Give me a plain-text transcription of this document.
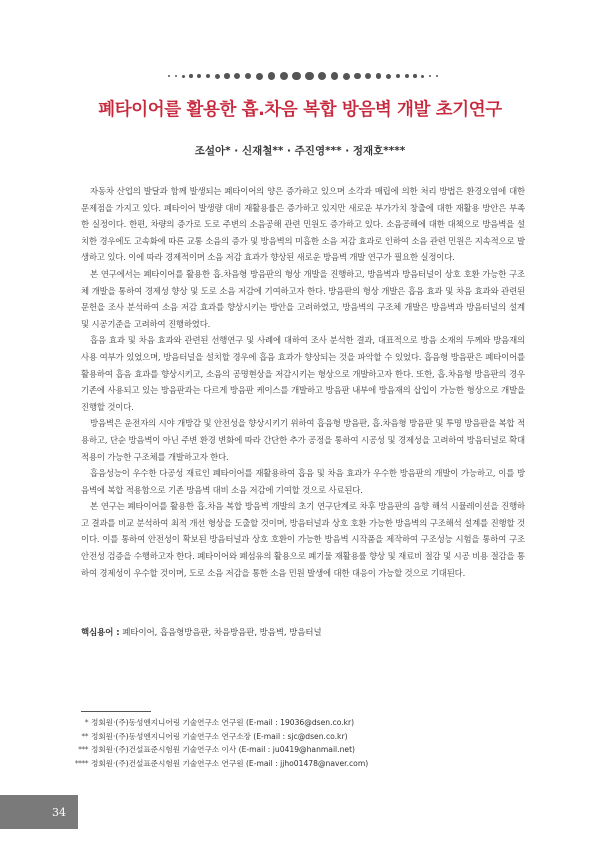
폐타이어를 활용한 흡.차음 복합 방음벽 개발 초기연구
조설아* · 신재철** · 주진영*** · 정재호****

자동차 산업의 발달과 함께 발생되는 폐타이어의 양은 증가하고 있으며 소각과 매립에 의한 처리 방법은 환경오염에 대한 문제점을 가지고 있다. 폐타이어 발생량 대비 재활용률은 증가하고 있지만 새로운 부가가치 창출에 대한 재활용 방안은 부족한 실정이다. 한편, 차량의 증가로 도로 주변의 소음공해 관련 민원도 증가하고 있다. 소음공해에 대한 대책으로 방음벽을 설치한 경우에도 고속화에 따른 교통 소음의 증가 및 방음벽의 미흡한 소음 저감 효과로 인하여 소음 관련 민원은 지속적으로 발생하고 있다. 이에 따라 경제적이며 소음 저감 효과가 향상된 새로운 방음벽 개발 연구가 필요한 실정이다.

본 연구에서는 폐타이어를 활용한 흡.차음형 방음판의 형상 개발을 진행하고, 방음벽과 방음터널이 상호 호환 가능한 구조체 개발을 통하여 경제성 향상 및 도로 소음 저감에 기여하고자 한다. 방음판의 형상 개발은 흡음 효과 및 차음 효과와 관련된 문헌을 조사 분석하여 소음 저감 효과를 향상시키는 방안을 고려하였고, 방음벽의 구조체 개발은 방음벽과 방음터널의 설계 및 시공기준을 고려하여 진행하였다.

흡음 효과 및 차음 효과와 관련된 선행연구 및 사례에 대하여 조사 분석한 결과, 대표적으로 방음 소재의 두께와 방음재의 사용 여부가 있었으며, 방음터널을 설치할 경우에 흡음 효과가 향상되는 것을 파악할 수 있었다. 흡음형 방음판은 폐타이어를 활용하여 흡음 효과를 향상시키고, 소음의 공명현상을 저감시키는 형상으로 개발하고자 한다. 또한, 흡.차음형 방음판의 경우 기존에 사용되고 있는 방음판과는 다르게 방음판 케이스를 개발하고 방음판 내부에 방음재의 삽입이 가능한 형상으로 개발을 진행할 것이다.

방음벽은 운전자의 시야 개방감 및 안전성을 향상시키기 위하여 흡음형 방음판, 흡.차음형 방음판 및 투명 방음판을 복합 적용하고, 단순 방음벽이 아닌 주변 환경 변화에 따라 간단한 추가 공정을 통하여 시공성 및 경제성을 고려하여 방음터널로 확대 적용이 가능한 구조체를 개발하고자 한다.

흡음성능이 우수한 다공성 재료인 폐타이어를 재활용하여 흡음 및 차음 효과가 우수한 방음판의 개발이 가능하고, 이를 방음벽에 복합 적용함으로 기존 방음벽 대비 소음 저감에 기여할 것으로 사료된다.

본 연구는 폐타이어를 활용한 흡.차음 복합 방음벽 개발의 초기 연구단계로 차후 방음판의 음향 해석 시뮬레이션을 진행하고 결과를 비교 분석하여 최적 개선 형상을 도출할 것이며, 방음터널과 상호 호환 가능한 방음벽의 구조해석 설계를 진행할 것이다. 이를 통하여 안전성이 확보된 방음터널과 상호 호환이 가능한 방음벽 시작품을 제작하여 구조성능 시험을 통하여 구조 안전성 검증을 수행하고자 한다. 폐타이어와 폐섬유의 활용으로 폐기물 재활용률 향상 및 재료비 절감 및 시공 비용 절감을 통하여 경제성이 우수할 것이며, 도로 소음 저감을 통한 소음 민원 발생에 대한 대응이 가능할 것으로 기대된다.

핵심용어 : 폐타이어, 흡음형방음판, 차음방음판, 방음벽, 방음터널
* 정회원·(주)동성엔지니어링 기술연구소 연구원 (E-mail : 19036@dsen.co.kr)
** 정회원·(주)동성엔지니어링 기술연구소 연구소장 (E-mail : sjc@dsen.co.kr)
*** 정회원·(주)건설표준시험원 기술연구소 이사 (E-mail : ju0419@hanmail.net)
**** 정회원·(주)건설표준시험원 기술연구소 연구원 (E-mail : jjho01478@naver.com)
34
